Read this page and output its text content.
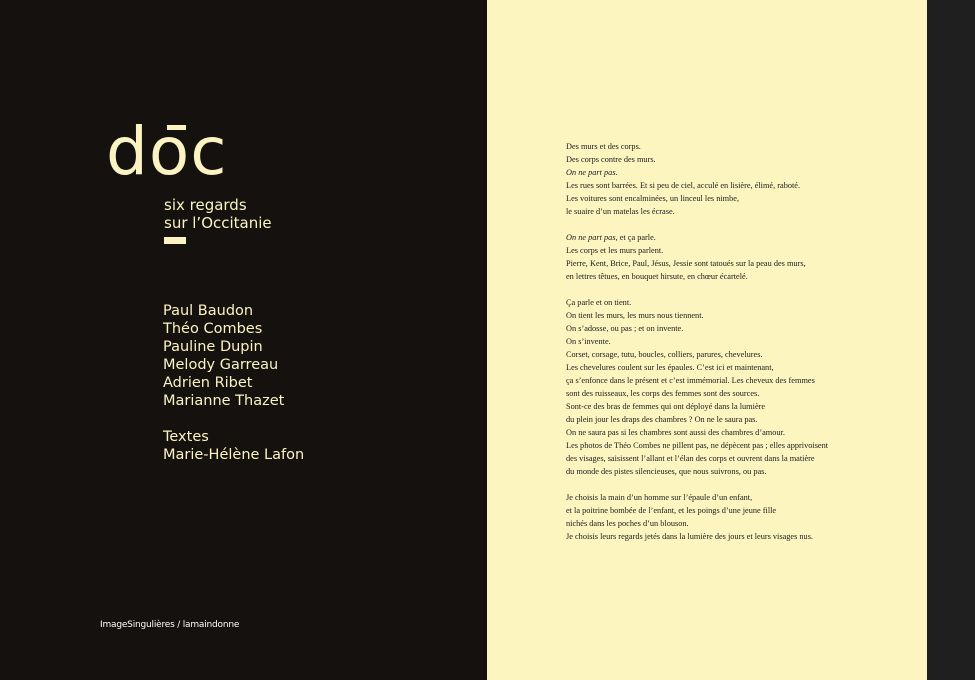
doc
six regards
sur l’Occitanie
Paul Baudon
Théo Combes
Pauline Dupin
Melody Garreau
Adrien Ribet
Marianne Thazet
Textes
Marie-Hélène Lafon
ImageSingulières / lamaindonne
Des murs et des corps.
Des corps contre des murs.
On ne part pas.
Les rues sont barrées. Et si peu de ciel, acculé en lisière, élimé, raboté.
Les voitures sont encalminées, un linceul les nimbe,
le suaire d’un matelas les écrase.
On ne part pas, et ça parle.
Les corps et les murs parlent.
Pierre, Kent, Brice, Paul, Jésus, Jessie sont tatoués sur la peau des murs,
en lettres têtues, en bouquet hirsute, en chœur écartelé.
Ça parle et on tient.
On tient les murs, les murs nous tiennent.
On s’adosse, ou pas ; et on invente.
On s’invente.
Corset, corsage, tutu, boucles, colliers, parures, chevelures.
Les chevelures coulent sur les épaules. C’est ici et maintenant,
ça s’enfonce dans le présent et c’est immémorial. Les cheveux des femmes
sont des ruisseaux, les corps des femmes sont des sources.
Sont-ce des bras de femmes qui ont déployé dans la lumière
du plein jour les draps des chambres ? On ne le saura pas.
On ne saura pas si les chambres sont aussi des chambres d’amour.
Les photos de Théo Combes ne pillent pas, ne dépècent pas ; elles apprivoisent
des visages, saisissent l’allant et l’élan des corps et ouvrent dans la matière
du monde des pistes silencieuses, que nous suivrons, ou pas.
Je choisis la main d’un homme sur l’épaule d’un enfant,
et la poitrine bombée de l’enfant, et les poings d’une jeune fille
nichés dans les poches d’un blouson.
Je choisis leurs regards jetés dans la lumière des jours et leurs visages nus.
